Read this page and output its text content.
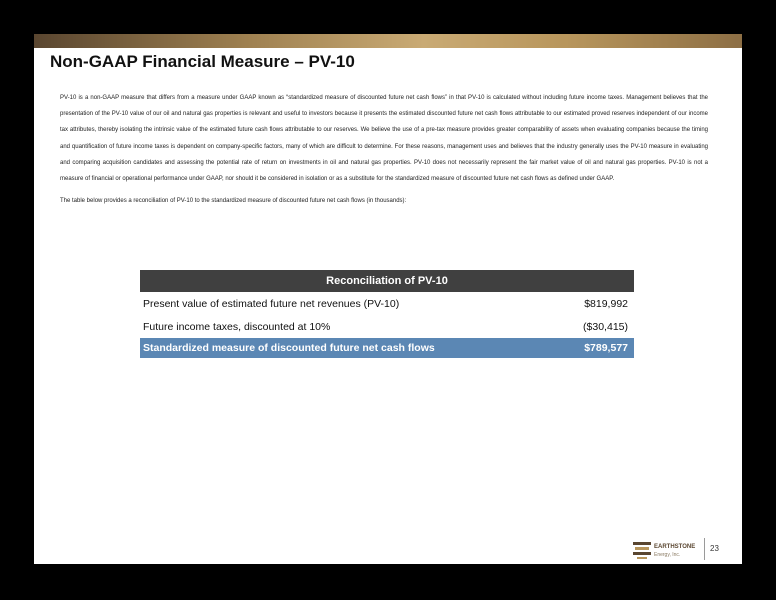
Non-GAAP Financial Measure – PV-10

PV-10 is a non-GAAP measure that differs from a measure under GAAP known as “standardized measure of discounted future net cash flows” in that PV-10 is calculated without including future income taxes. Management believes that the presentation of the PV-10 value of our oil and natural gas properties is relevant and useful to investors because it presents the estimated discounted future net cash flows attributable to our estimated proved reserves independent of our income tax attributes, thereby isolating the intrinsic value of the estimated future cash flows attributable to our reserves. We believe the use of a pre-tax measure provides greater comparability of assets when evaluating companies because the timing and quantification of future income taxes is dependent on company-specific factors, many of which are difficult to determine. For these reasons, management uses and believes that the industry generally uses the PV-10 measure in evaluating and comparing acquisition candidates and assessing the potential rate of return on investments in oil and natural gas properties. PV-10 does not necessarily represent the fair market value of oil and natural gas properties. PV-10 is not a measure of financial or operational performance under GAAP, nor should it be considered in isolation or as a substitute for the standardized measure of discounted future net cash flows as defined under GAAP.

The table below provides a reconciliation of PV-10 to the standardized measure of discounted future net cash flows (in thousands):

Reconciliation of PV-10	
Present value of estimated future net revenues (PV-10)	$819,992
Future income taxes, discounted at 10%	($30,415)
Standardized measure of discounted future net cash flows	$789,577
EARTHSTONE
Energy, Inc.
23
